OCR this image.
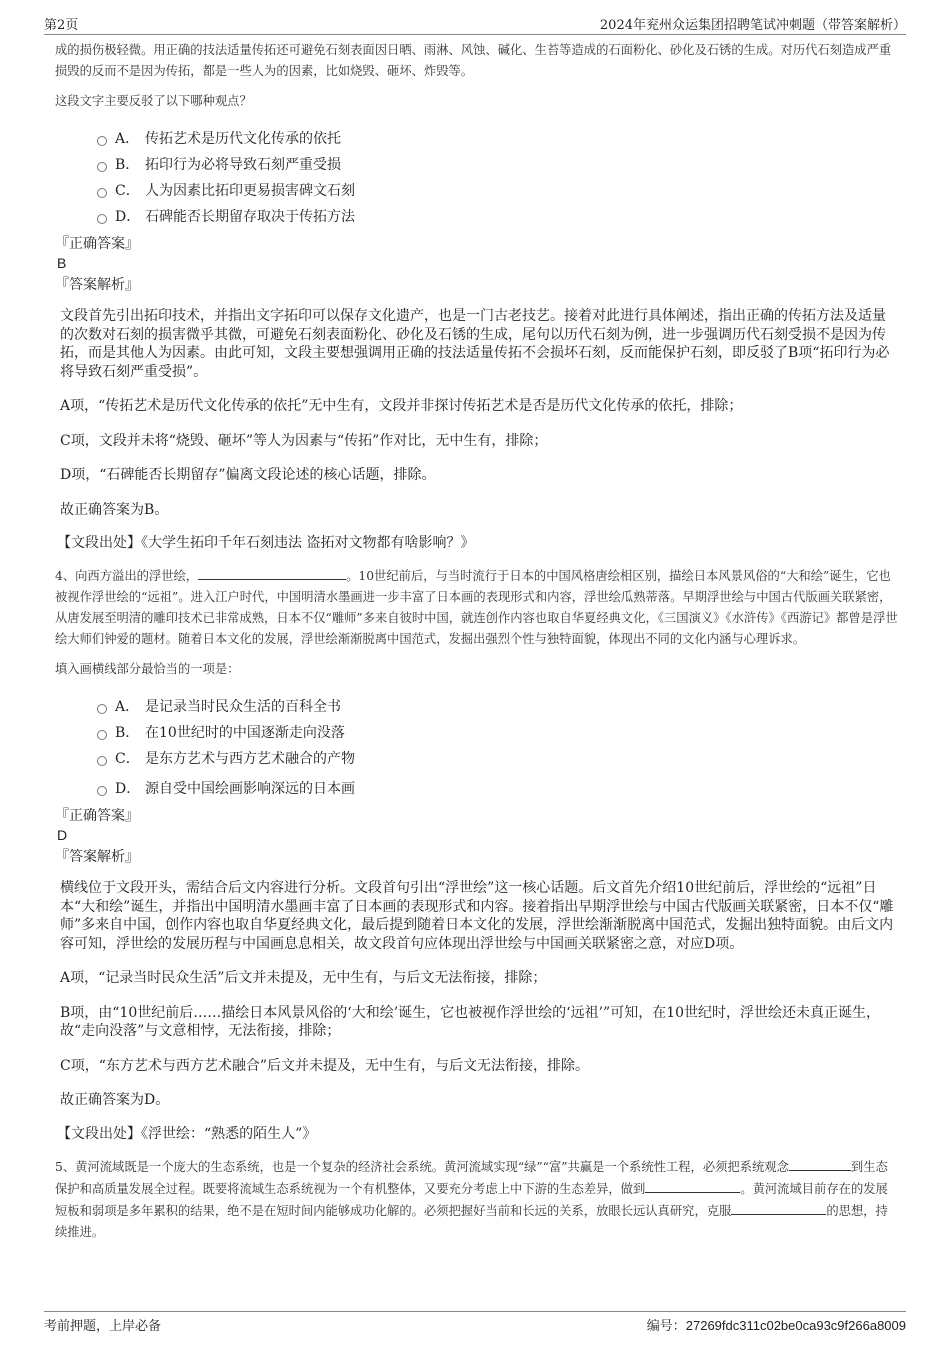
第2页	2024年兖州众运集团招聘笔试冲刺题（带答案解析）

成的损伤极轻微。用正确的技法适量传拓还可避免石刻表面因日晒、雨淋、风蚀、碱化、生苔等造成的石面粉化、砂化及石锈的生成。对历代石刻造成严重损毁的反而不是因为传拓，都是一些人为的因素，比如烧毁、砸坏、炸毁等。

这段文字主要反驳了以下哪种观点？

A． 传拓艺术是历代文化传承的依托
B． 拓印行为必将导致石刻严重受损
C． 人为因素比拓印更易损害碑文石刻
D． 石碑能否长期留存取决于传拓方法

『正确答案』

B

『答案解析』

文段首先引出拓印技术，并指出文字拓印可以保存文化遗产，也是一门古老技艺。接着对此进行具体阐述，指出正确的传拓方法及适量的次数对石刻的损害微乎其微，可避免石刻表面粉化、砂化及石锈的生成，尾句以历代石刻为例，进一步强调历代石刻受损不是因为传拓，而是其他人为因素。由此可知，文段主要想强调用正确的技法适量传拓不会损坏石刻，反而能保护石刻，即反驳了B项“拓印行为必将导致石刻严重受损”。

A项，“传拓艺术是历代文化传承的依托”无中生有，文段并非探讨传拓艺术是否是历代文化传承的依托，排除；

C项，文段并未将“烧毁、砸坏”等人为因素与“传拓”作对比，无中生有，排除；

D项，“石碑能否长期留存”偏离文段论述的核心话题，排除。

故正确答案为B。

【文段出处】《大学生拓印千年石刻违法 盗拓对文物都有啥影响？》

4、向西方溢出的浮世绘，	。10世纪前后，与当时流行于日本的中国风格唐绘相区别，描绘日本风景风俗的“大和绘”诞生，它也被视作浮世绘的“远祖”。进入江户时代，中国明清水墨画进一步丰富了日本画的表现形式和内容，浮世绘瓜熟蒂落。早期浮世绘与中国古代版画关联紧密，从唐发展至明清的雕印技术已非常成熟，日本不仅“雕师”多来自彼时中国，就连创作内容也取自华夏经典文化，《三国演义》《水浒传》《西游记》都曾是浮世绘大师们钟爱的题材。随着日本文化的发展，浮世绘渐渐脱离中国范式，发掘出强烈个性与独特面貌，体现出不同的文化内涵与心理诉求。

填入画横线部分最恰当的一项是：

A． 是记录当时民众生活的百科全书
B． 在10世纪时的中国逐渐走向没落
C． 是东方艺术与西方艺术融合的产物
D． 源自受中国绘画影响深远的日本画

『正确答案』

D

『答案解析』

横线位于文段开头，需结合后文内容进行分析。文段首句引出“浮世绘”这一核心话题。后文首先介绍10世纪前后，浮世绘的“远祖”日本“大和绘”诞生，并指出中国明清水墨画丰富了日本画的表现形式和内容。接着指出早期浮世绘与中国古代版画关联紧密，日本不仅“雕师”多来自中国，创作内容也取自华夏经典文化，最后提到随着日本文化的发展，浮世绘渐渐脱离中国范式，发掘出独特面貌。由后文内容可知，浮世绘的发展历程与中国画息息相关，故文段首句应体现出浮世绘与中国画关联紧密之意，对应D项。

A项，“记录当时民众生活”后文并未提及，无中生有，与后文无法衔接，排除；

B项，由“10世纪前后……描绘日本风景风俗的‘大和绘’诞生，它也被视作浮世绘的‘远祖’”可知，在10世纪时，浮世绘还未真正诞生，故“走向没落”与文意相悖，无法衔接，排除；

C项，“东方艺术与西方艺术融合”后文并未提及，无中生有，与后文无法衔接，排除。

故正确答案为D。

【文段出处】《浮世绘：“熟悉的陌生人”》

5、黄河流域既是一个庞大的生态系统，也是一个复杂的经济社会系统。黄河流域实现“绿”“富”共赢是一个系统性工程，必须把系统观念	到生态保护和高质量发展全过程。既要将流域生态系统视为一个有机整体，又要充分考虑上中下游的生态差异，做到	。黄河流域目前存在的发展短板和弱项是多年累积的结果，绝不是在短时间内能够成功化解的。必须把握好当前和长远的关系，放眼长远认真研究，克服	的思想，持续推进。

考前押题，上岸必备	编号：27269fdc311c02be0ca93c9f266a8009
